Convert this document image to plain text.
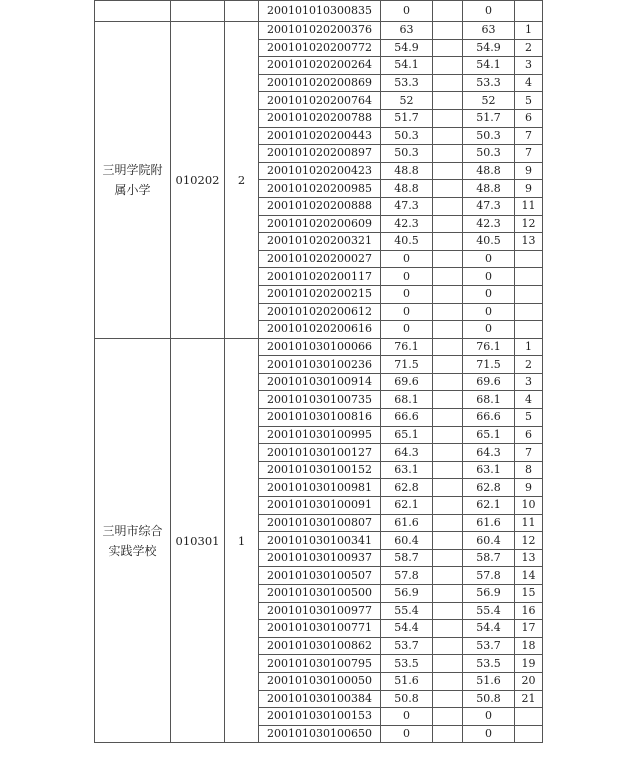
			200101010300835	0		0	
三明学院附属小学	010202	2	200101020200376	63		63	1
			200101020200772	54.9		54.9	2
			200101020200264	54.1		54.1	3
			200101020200869	53.3		53.3	4
			200101020200764	52		52	5
			200101020200788	51.7		51.7	6
			200101020200443	50.3		50.3	7
			200101020200897	50.3		50.3	7
			200101020200423	48.8		48.8	9
			200101020200985	48.8		48.8	9
			200101020200888	47.3		47.3	11
			200101020200609	42.3		42.3	12
			200101020200321	40.5		40.5	13
			200101020200027	0		0	
			200101020200117	0		0	
			200101020200215	0		0	
			200101020200612	0		0	
			200101020200616	0		0	
三明市综合实践学校	010301	1	200101030100066	76.1		76.1	1
			200101030100236	71.5		71.5	2
			200101030100914	69.6		69.6	3
			200101030100735	68.1		68.1	4
			200101030100816	66.6		66.6	5
			200101030100995	65.1		65.1	6
			200101030100127	64.3		64.3	7
			200101030100152	63.1		63.1	8
			200101030100981	62.8		62.8	9
			200101030100091	62.1		62.1	10
			200101030100807	61.6		61.6	11
			200101030100341	60.4		60.4	12
			200101030100937	58.7		58.7	13
			200101030100507	57.8		57.8	14
			200101030100500	56.9		56.9	15
			200101030100977	55.4		55.4	16
			200101030100771	54.4		54.4	17
			200101030100862	53.7		53.7	18
			200101030100795	53.5		53.5	19
			200101030100050	51.6		51.6	20
			200101030100384	50.8		50.8	21
			200101030100153	0		0	
			200101030100650	0		0	
